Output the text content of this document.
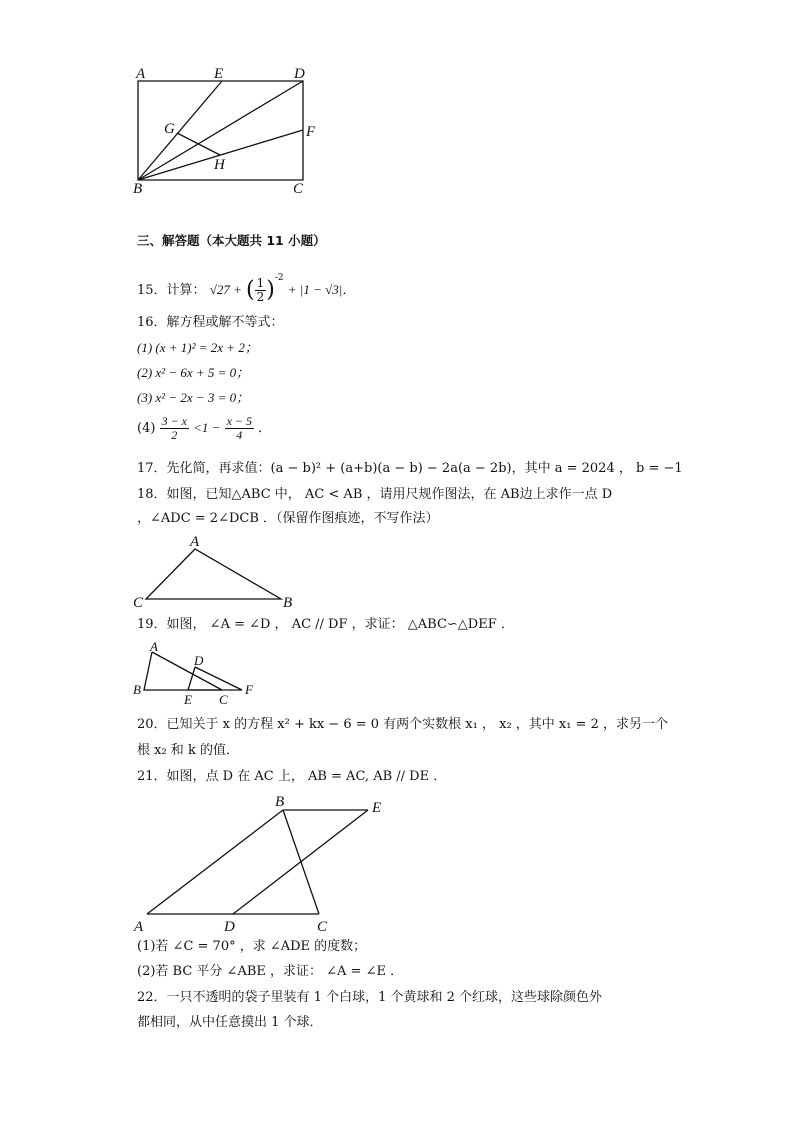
A	E	D
G	F
H
B	C
三、解答题（本大题共 11 小题）
15．计算： √27 + ( $\frac{1}{2} )^{-2} + |1 - √3|$．
16．解方程或解不等式：
(1) (x + 1)² = 2x + 2；
(2) x² − 6x + 5 = 0；
(3) x² − 2x − 3 = 0；
$(4) \frac{3 - x}{2} <1 - \frac{x - 5}{4}$ ．
17．先化简，再求值：(a − b)² + (a+b)(a − b) − 2a(a − 2b)，其中 a = 2024 ， b = −1
18．如图，已知△ABC 中， AC < AB ，请用尺规作图法，在 AB边上求作一点 D
，∠ADC = 2∠DCB ．（保留作图痕迹，不写作法）
A
C	B
19．如图， ∠A = ∠D ， AC // DF ，求证： △ABC∽△DEF ．
A
D
B
E C
F
20．已知关于 x 的方程 x² + kx − 6 = 0 有两个实数根 x₁ ， x₂ ，其中 x₁ = 2 ，求另一个
根 x₂ 和 k 的值．
21．如图，点 D 在 AC 上， AB = AC, AB // DE ．
B	E
A	D	C
(1)若 ∠C = 70° ，求 ∠ADE 的度数；
(2)若 BC 平分 ∠ABE ，求证： ∠A = ∠E ．
22．一只不透明的袋子里装有 1 个白球，1 个黄球和 2 个红球，这些球除颜色外
都相同，从中任意摸出 1 个球．
